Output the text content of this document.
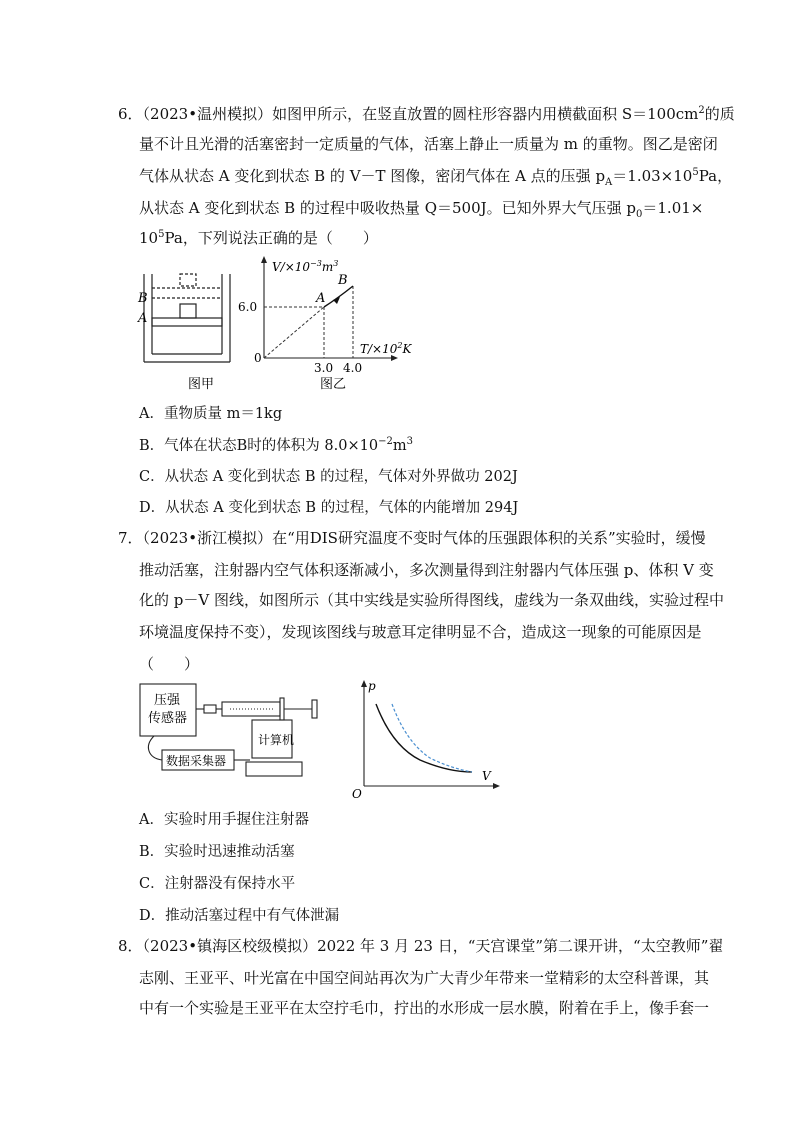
6．（2023•温州模拟）如图甲所示，在竖直放置的圆柱形容器内用横截面积 $S=100cm^2$的质
量不计且光滑的活塞密封一定质量的气体，活塞上静止一质量为 m 的重物。图乙是密闭
气体从状态 A 变化到状态 B 的 V－T 图像，密闭气体在 A 点的压强 $p_A=1.03\times 10^5Pa$，
从状态 A 变化到状态 B 的过程中吸收热量 Q＝500J。已知外界大气压强 $p_0=1.01\times$
$10^5Pa$，下列说法正确的是（　　）
B
A
图甲
$V/\times 10^{-3}m^3$
$T/\times 10^2K$
6.0
3.0 4.0
0
A
B
图乙
A．重物质量 m＝1kg
B．气体在状态B时的体积为 $8.0\times 10^{-2}m^3$
C．从状态 A 变化到状态 B 的过程，气体对外界做功 202J
D．从状态 A 变化到状态 B 的过程，气体的内能增加 294J
7．（2023•浙江模拟）在“用DIS研究温度不变时气体的压强跟体积的关系”实验时，缓慢
推动活塞，注射器内空气体积逐渐减小，多次测量得到注射器内气体压强 p、体积 V 变
化的 p－V 图线，如图所示（其中实线是实验所得图线，虚线为一条双曲线，实验过程中
环境温度保持不变），发现该图线与玻意耳定律明显不合，造成这一现象的可能原因是
（　　）
压强
传感器
数据采集器
计算机
p
V
O
A．实验时用手握住注射器
B．实验时迅速推动活塞
C．注射器没有保持水平
D．推动活塞过程中有气体泄漏
8．（2023•镇海区校级模拟）2022 年 3 月 23 日，“天宫课堂”第二课开讲，“太空教师”翟
志刚、王亚平、叶光富在中国空间站再次为广大青少年带来一堂精彩的太空科普课，其
中有一个实验是王亚平在太空拧毛巾，拧出的水形成一层水膜，附着在手上，像手套一
